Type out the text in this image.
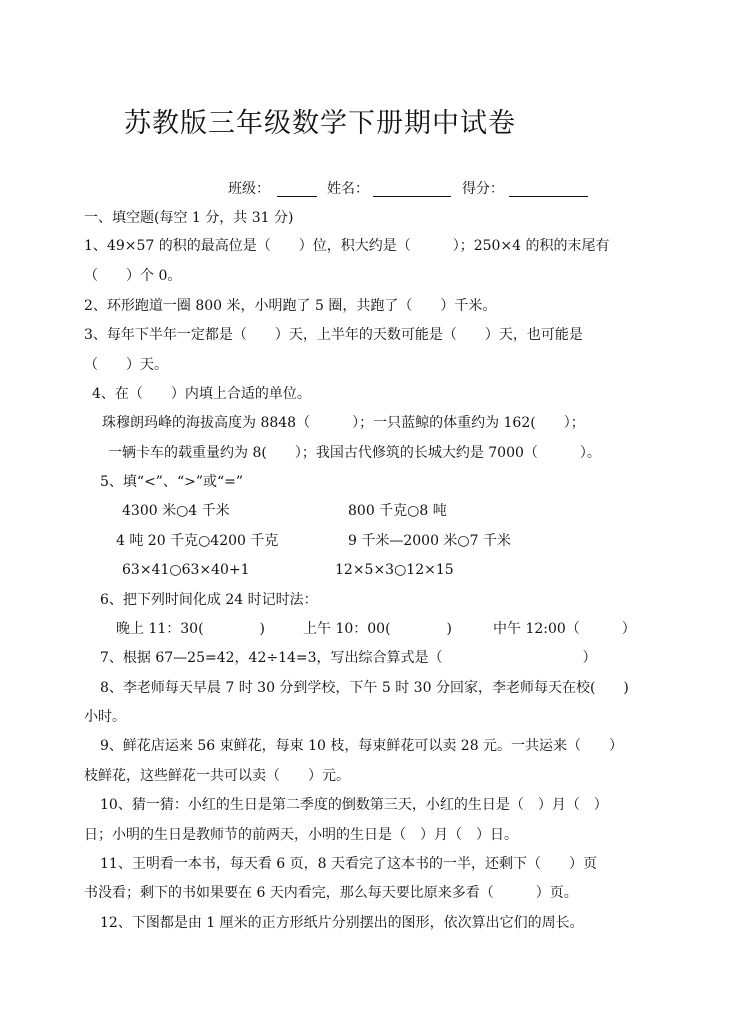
苏教版三年级数学下册期中试卷
班级：	姓名：	得分：
一、填空题(每空 1 分，共 31 分)
1、49×57 的积的最高位是（　　）位，积大约是（　　　）；250×4 的积的末尾有
（　　）个 0。
2、环形跑道一圈 800 米，小明跑了 5 圈，共跑了（　　）千米。
3、每年下半年一定都是（　　）天，上半年的天数可能是（　　）天，也可能是
（　　）天。
4、在（　　）内填上合适的单位。
珠穆朗玛峰的海拔高度为 8848（　　　）；一只蓝鲸的体重约为 162(　　）；
一辆卡车的载重量约为 8(　　）；我国古代修筑的长城大约是 7000（　　　）。
5、填“<”、“>”或“=”
4300 米○4 千米	800 千克○8 吨
4 吨 20 千克○4200 千克	9 千米—2000 米○7 千米
63×41○63×40+1	12×5×3○12×15
6、把下列时间化成 24 时记时法：
晚上 11：30(　　　　)	上午 10：00(　　　　)	中午 12:00（　　　）
7、根据 67—25=42，42÷14=3，写出综合算式是（　　　　　　　　　　）
8、李老师每天早晨 7 时 30 分到学校，下午 5 时 30 分回家，李老师每天在校(　　)
小时。
9、鲜花店运来 56 束鲜花，每束 10 枝，每束鲜花可以卖 28 元。一共运来（　　）
枝鲜花，这些鲜花一共可以卖（　　）元。
10、猜一猜：小红的生日是第二季度的倒数第三天，小红的生日是（　）月（　）
日；小明的生日是教师节的前两天，小明的生日是（　）月（　）日。
11、王明看一本书，每天看 6 页，8 天看完了这本书的一半，还剩下（　　）页
书没看；剩下的书如果要在 6 天内看完，那么每天要比原来多看（　　　）页。
12、下图都是由 1 厘米的正方形纸片分别摆出的图形，依次算出它们的周长。
